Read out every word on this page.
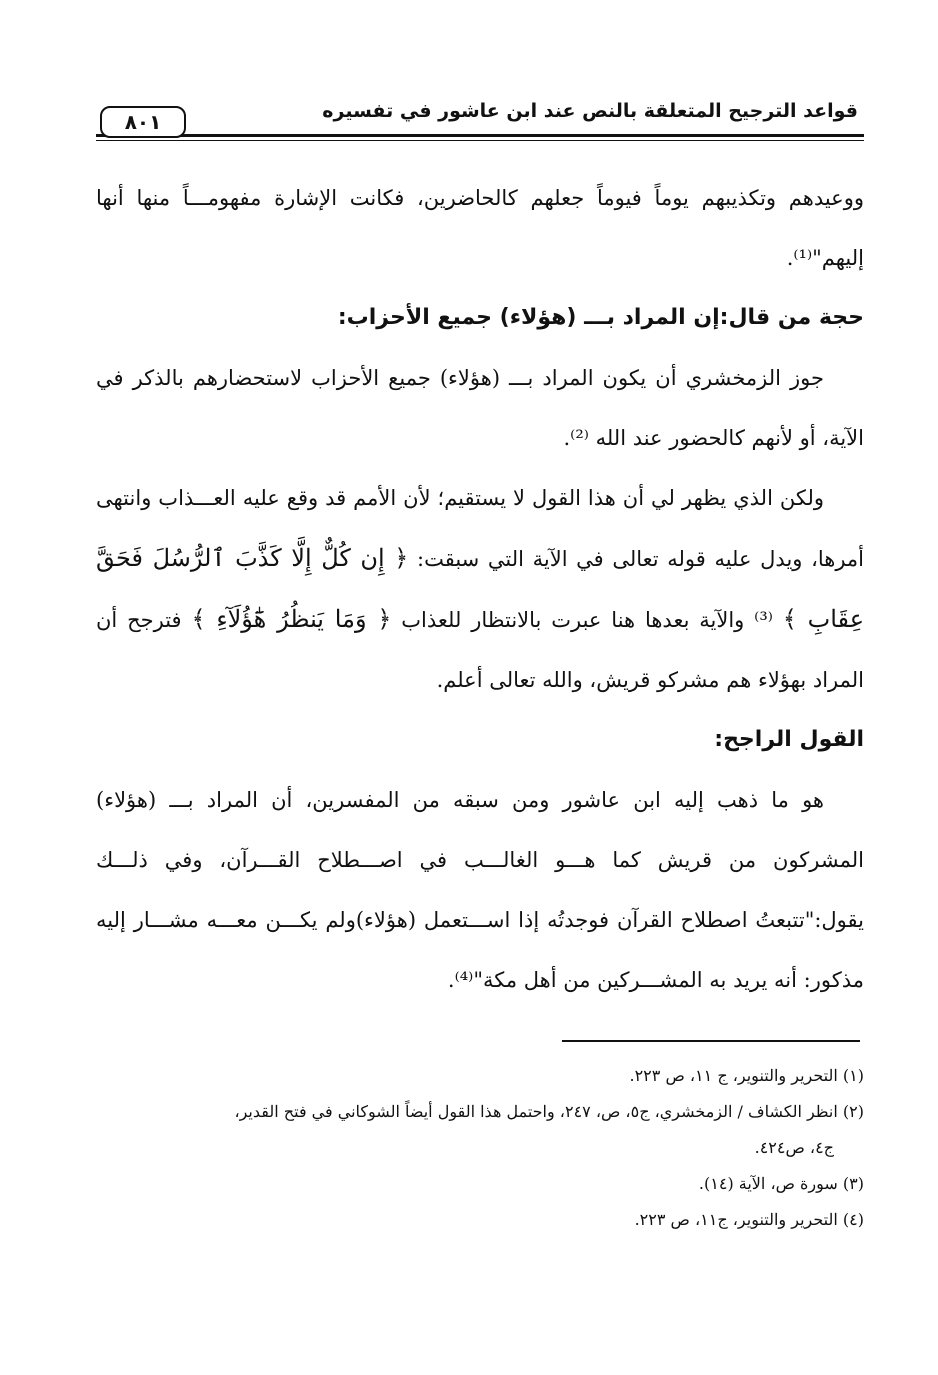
٨٠١	قواعد الترجيح المتعلقة بالنص عند ابن عاشور في تفسيره

ووعيدهم وتكذيبهم يوماً فيوماً جعلهم كالحاضرين، فكانت الإشارة مفهومـــاً منها أنها إليهم"⁽¹⁾.

حجة من قال:إن المراد بـــ (هؤلاء) جميع الأحزاب:

جوز الزمخشري أن يكون المراد بـــ (هؤلاء) جميع الأحزاب لاستحضارهم بالذكر في الآية، أو لأنهم كالحضور عند الله ⁽²⁾.

ولكن الذي يظهر لي أن هذا القول لا يستقيم؛ لأن الأمم قد وقع عليه العـــذاب وانتهى أمرها، ويدل عليه قوله تعالى في الآية التي سبقت: ﴿ إِن كُلٌّ إِلَّا كَذَّبَ ٱلرُّسُلَ فَحَقَّ عِقَابِ ﴾ ⁽³⁾ والآية بعدها هنا عبرت بالانتظار للعذاب ﴿ وَمَا يَنظُرُ هَٰٓؤُلَآءِ ﴾ فترجح أن المراد بهؤلاء هم مشركو قريش، والله تعالى أعلم.

القول الراجح:

هو ما ذهب إليه ابن عاشور ومن سبقه من المفسرين، أن المراد بـــ (هؤلاء) المشركون من قريش كما هـــو الغالـــب في اصـــطلاح القـــرآن، وفي ذلـــك يقول:"تتبعتُ اصطلاح القرآن فوجدتُه إذا اســـتعمل (هؤلاء)ولم يكـــن معـــه مشـــار إليه مذكور: أنه يريد به المشـــركين من أهل مكة"⁽⁴⁾.

(١) التحرير والتنوير، ج ١١، ص ٢٢٣.

(٢) انظر الكشاف / الزمخشري، ج٥، ص، ٢٤٧، واحتمل هذا القول أيضاً الشوكاني في فتح القدير،

ج٤، ص٤٢٤.

(٣) سورة ص، الآية (١٤).

(٤) التحرير والتنوير، ج١١، ص ٢٢٣.
